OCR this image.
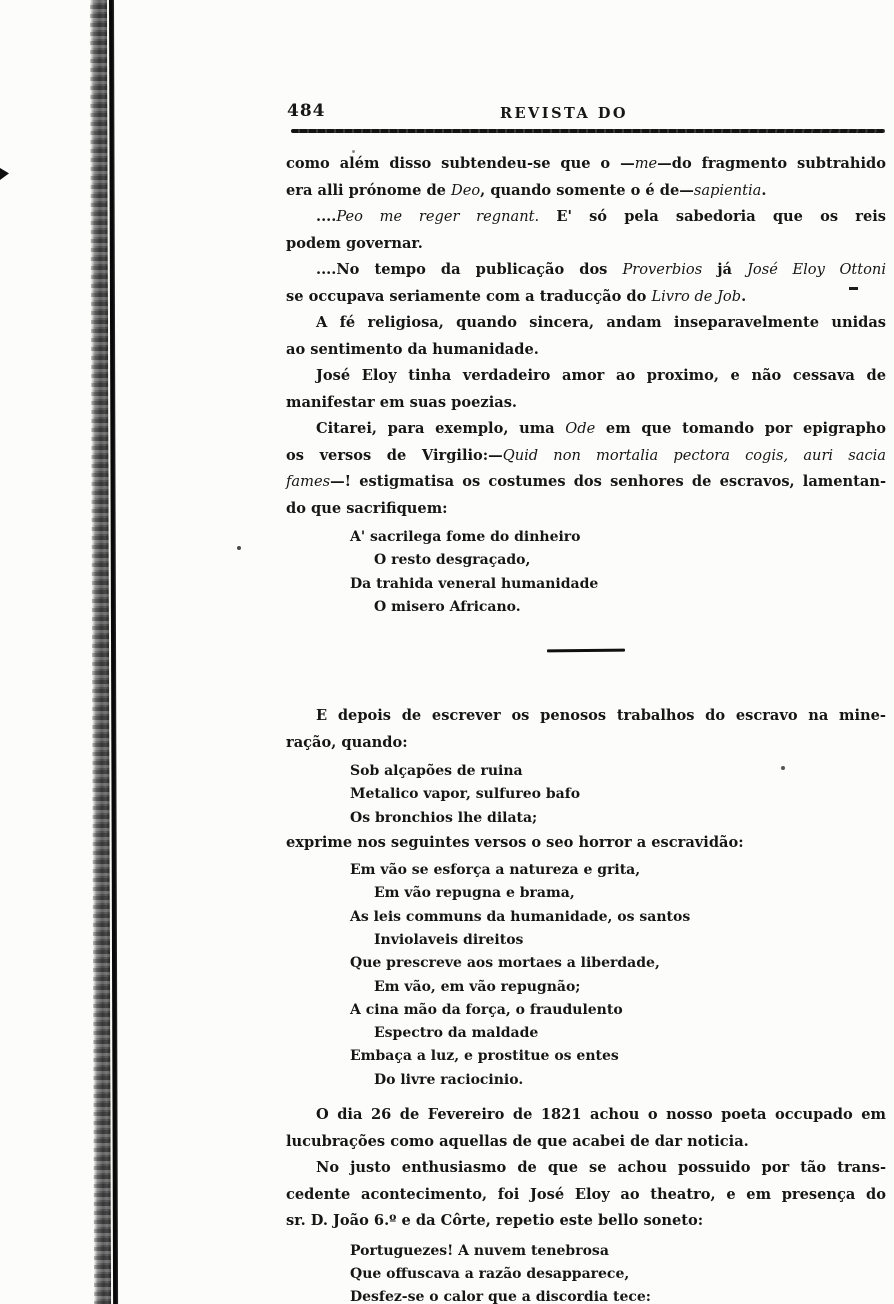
484	REVISTA DO
como além disso subtendeu-se que o —me—do fragmento subtrahido
era alli prónome de Deo, quando somente o é de—sapientia.
....Peo me reger regnant. E' só pela sabedoria que os reis
podem governar.
....No tempo da publicação dos Proverbios já José Eloy Ottoni
se occupava seriamente com a traducção do Livro de Job.
A fé religiosa, quando sincera, andam inseparavelmente unidas
ao sentimento da humanidade.
José Eloy tinha verdadeiro amor ao proximo, e não cessava de
manifestar em suas poezias.
Citarei, para exemplo, uma Ode em que tomando por epigrapho
os versos de Virgilio:—Quid non mortalia pectora cogis, auri sacia
fames—! estigmatisa os costumes dos senhores de escravos, lamentan-
do que sacrifiquem:
A' sacrilega fome do dinheiro
O resto desgraçado,
Da trahida veneral humanidade
O misero Africano.
E depois de escrever os penosos trabalhos do escravo na mine-
ração, quando:
Sob alçapões de ruina
Metalico vapor, sulfureo bafo
Os bronchios lhe dilata;
exprime nos seguintes versos o seo horror a escravidão:
Em vão se esforça a natureza e grita,
Em vão repugna e brama,
As leis communs da humanidade, os santos
Inviolaveis direitos
Que prescreve aos mortaes a liberdade,
Em vão, em vão repugnão;
A cina mão da força, o fraudulento
Espectro da maldade
Embaça a luz, e prostitue os entes
Do livre raciocinio.
O dia 26 de Fevereiro de 1821 achou o nosso poeta occupado em
lucubrações como aquellas de que acabei de dar noticia.
No justo enthusiasmo de que se achou possuido por tão trans-
cedente acontecimento, foi José Eloy ao theatro, e em presença do
sr. D. João 6.º e da Côrte, repetio este bello soneto:
Portuguezes! A nuvem tenebrosa
Que offuscava a razão desapparece,
Desfez-se o calor que a discordia tece:
